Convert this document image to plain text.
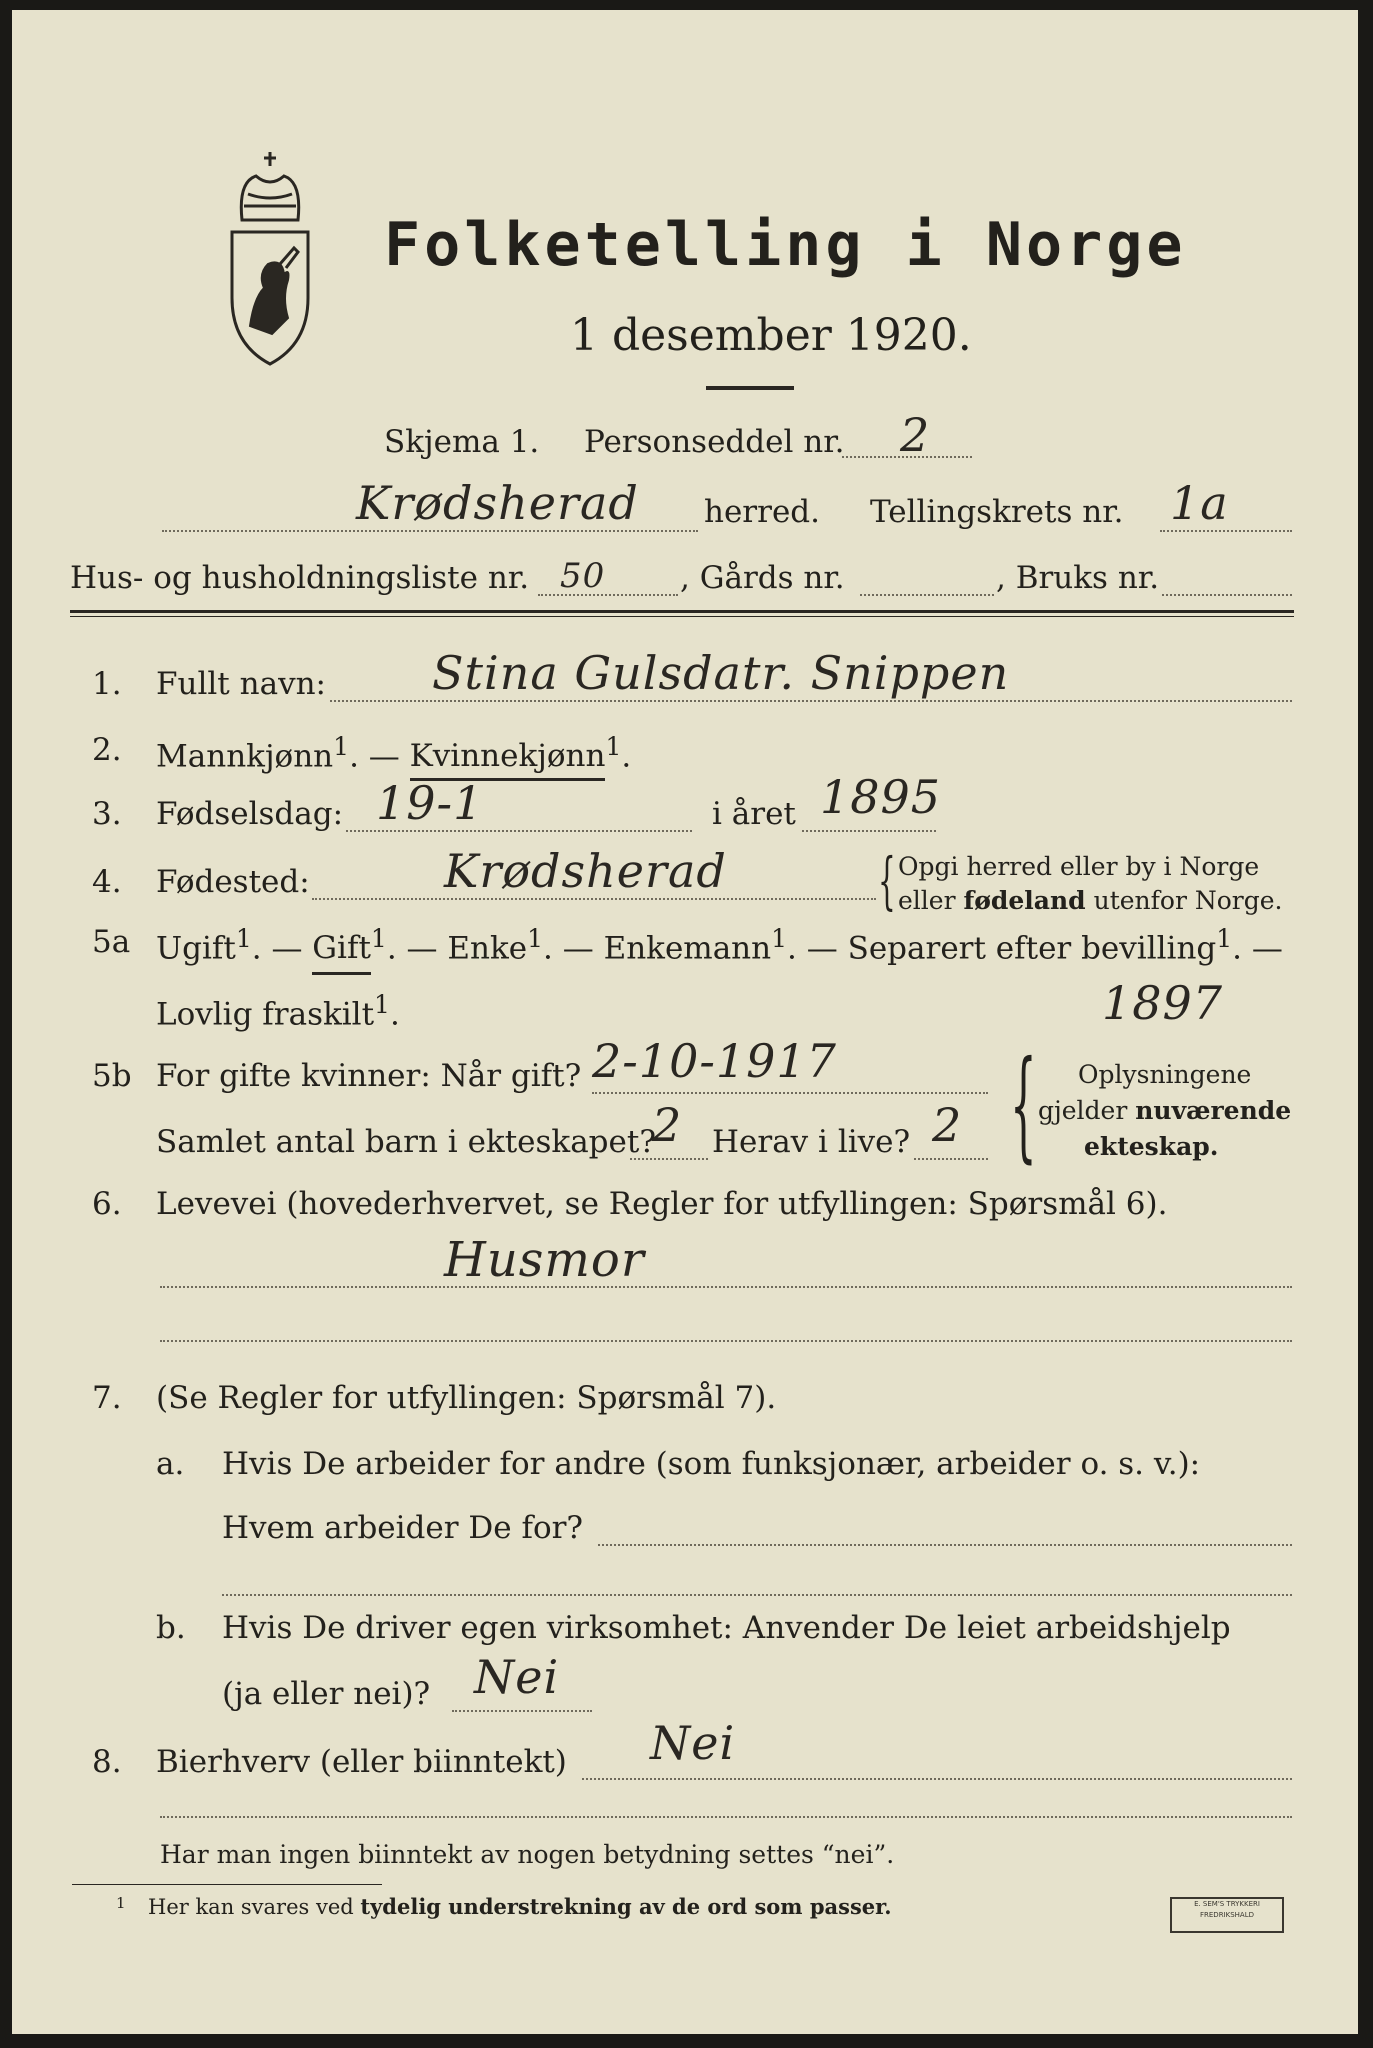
Folketelling i Norge
1 desember 1920.
Skjema 1. Personseddel nr. 2
Krødsherad herred. Tellingskrets nr. 1a
Hus- og husholdningsliste nr. 50 , Gårds nr.	, Bruks nr.
1. Fullt navn: Stina Gulsdatr. Snippen
2. Mannkjønn$^1$. — Kvinnekjønn$^1$.
3. Fødselsdag: 19-1	i året 1895
4. Fødested:	Krødsherad { Opgi herred eller by i Norge
eller fødeland utenfor Norge.
5a Ugift$^1$. — Gift$^1$. — Enke$^1$. — Enkemann$^1$. — Separert efter bevilling$^1$. —
Lovlig fraskilt$^1$.	1897
5b For gifte kvinner: Når gift? 2-10-1917
Samlet antal barn i ekteskapet?
2 Herav i live? 2 { Oplysningene
gjelder nuværende
ekteskap.
6. Levevei (hovederhvervet, se Regler for utfyllingen: Spørsmål 6).
Husmor
7. (Se Regler for utfyllingen: Spørsmål 7).
a. Hvis De arbeider for andre (som funksjonær, arbeider o. s. v.):
Hvem arbeider De for?
b. Hvis De driver egen virksomhet: Anvender De leiet arbeidshjelp
(ja eller nei)? Nei
8. Bierhverv (eller biinntekt) Nei
Har man ingen biinntekt av nogen betydning settes “nei”.
1 Her kan svares ved tydelig understrekning av de ord som passer.	E. SEM'S TRYKKERI
FREDRIKSHALD
